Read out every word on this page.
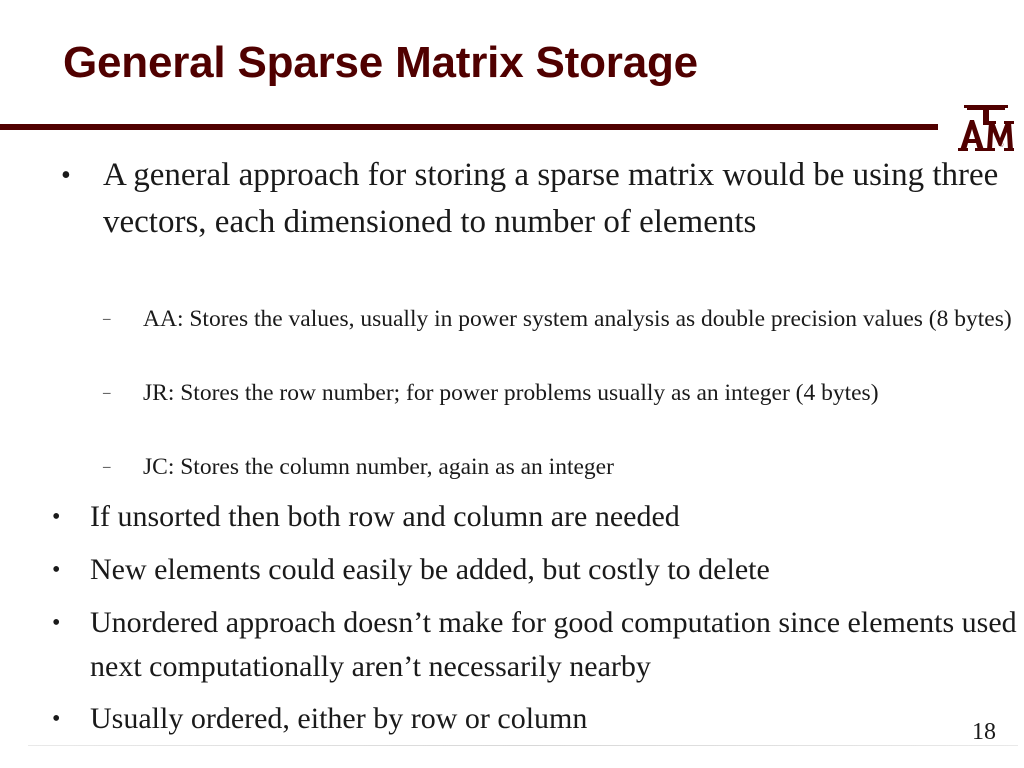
General Sparse Matrix Storage
®
• A general approach for storing a sparse matrix would be using three vectors, each dimensioned to number of elements
– AA: Stores the values, usually in power system analysis as double precision values (8 bytes)
– JR: Stores the row number; for power problems usually as an integer (4 bytes)
– JC: Stores the column number, again as an integer
• If unsorted then both row and column are needed
• New elements could easily be added, but costly to delete
• Unordered approach doesn’t make for good computation since elements used next computationally aren’t necessarily nearby
• Usually ordered, either by row or column	18
